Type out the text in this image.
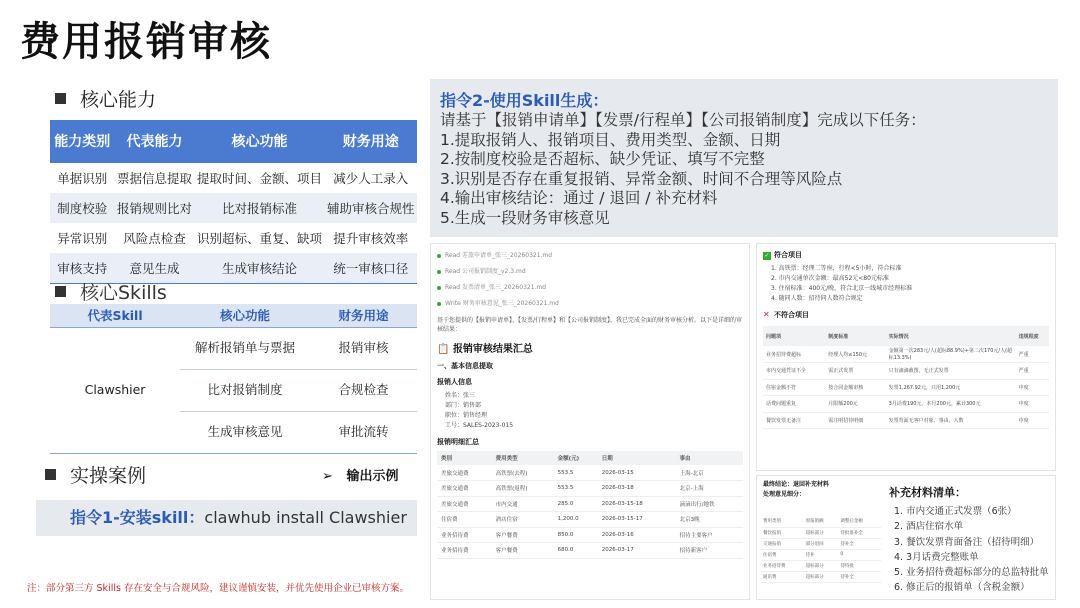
费用报销审核
核心能力
能力类别	代表能力	核心功能	财务用途
单据识别	票据信息提取	提取时间、金额、项目	减少人工录入
制度校验	报销规则比对	比对报销标准	辅助审核合规性
异常识别	风险点检查	识别超标、重复、缺项	提升审核效率
审核支持	意见生成	生成审核结论	统一审核口径
核心Skills
代表Skill	核心功能	财务用途
Clawshier	解析报销单与票据	报销审核
	比对报销制度	合规检查
	生成审核意见	审批流转
实操案例	➢ 输出示例
指令1-安装skill：clawhub install Clawshier
注：部分第三方 Skills 存在安全与合规风险，建议谨慎安装，并优先使用企业已审核方案。
指令2-使用Skill生成：
请基于【报销申请单】【发票/行程单】【公司报销制度】完成以下任务：
1.提取报销人、报销项目、费用类型、金额、日期
2.按制度校验是否超标、缺少凭证、填写不完整
3.识别是否存在重复报销、异常金额、时间不合理等风险点
4.输出审核结论：通过 / 退回 / 补充材料
5.生成一段财务审核意见
Read 差旅申请单_张三_20260321.md
Read 公司报销制度_v2.3.md
Read 发票清单_张三_20260321.md
Write 财务审核意见_张三_20260321.md
基于您提供的【报销申请单】、【发票/行程单】和【公司报销制度】，我已完成全面的财务审核分析。以下是详细的审核结果：
📋 报销审核结果汇总
一、基本信息提取
报销人信息
姓名：张三
部门：销售部
职位：销售经理
工号：SALES-2023-015
报销明细汇总
类别	费用类型	金额(元)	日期	事由
差旅交通费	高铁票(去程)	553.5	2026-03-15	上海-北京
差旅交通费	高铁票(返程)	553.5	2026-03-18	北京-上海
差旅交通费	市内交通	285.0	2026-03-15-18	滴滴出行/地铁
住宿费	酒店住宿	1,200.0	2026-03-15-17	北京3晚
业务招待费	客户餐费	850.0	2026-03-16	招待主要客户
业务招待费	客户餐费	680.0	2026-03-17	招待新客户
✓ 符合项目
1. 高铁票：经理二等座，行程<5小时，符合标准
2. 市内交通单次金额：最高52元<80元标准
3. 住宿标准：400元/晚，符合北京一线城市经理标准
4. 随同人数：招待同人数符合规定
✕ 不符合项目
问题项	制度标准	实际情况	违规程度
业务招待费超标	经理人均≤150元	金额第一次283元/人(超标88.9%)+第二次170元/人(超标13.3%)	严重
市内交通凭证不全	需正式发票	只有滴滴截图，无正式发票	严重
住宿金额不符	按合同金额审核	发票1,267.92元，只用1,200元	中度
话费问题重复	月限额200元	3月话费190元，本月200元，累计300元	中度
餐饮发票无备注	需注明招待明细	发票背面无客户对象、事由、人数	中度
最终结论：退回补充材料
处理意见细分：
费用类别	原报销额	调整后金额
餐饮报销	超标部分	待批准补全
交通报销	部分退回	待补全
住宿费	待补	0
业务招待费	超标部分	待特批
通讯费	超标部分	待补全
补充材料清单：
1. 市内交通正式发票（6张）
2. 酒店住宿水单
3. 餐饮发票背面备注（招待明细）
4. 3月话费完整账单
5. 业务招待费超标部分的总监特批单
6. 修正后的报销单（含税金额）
